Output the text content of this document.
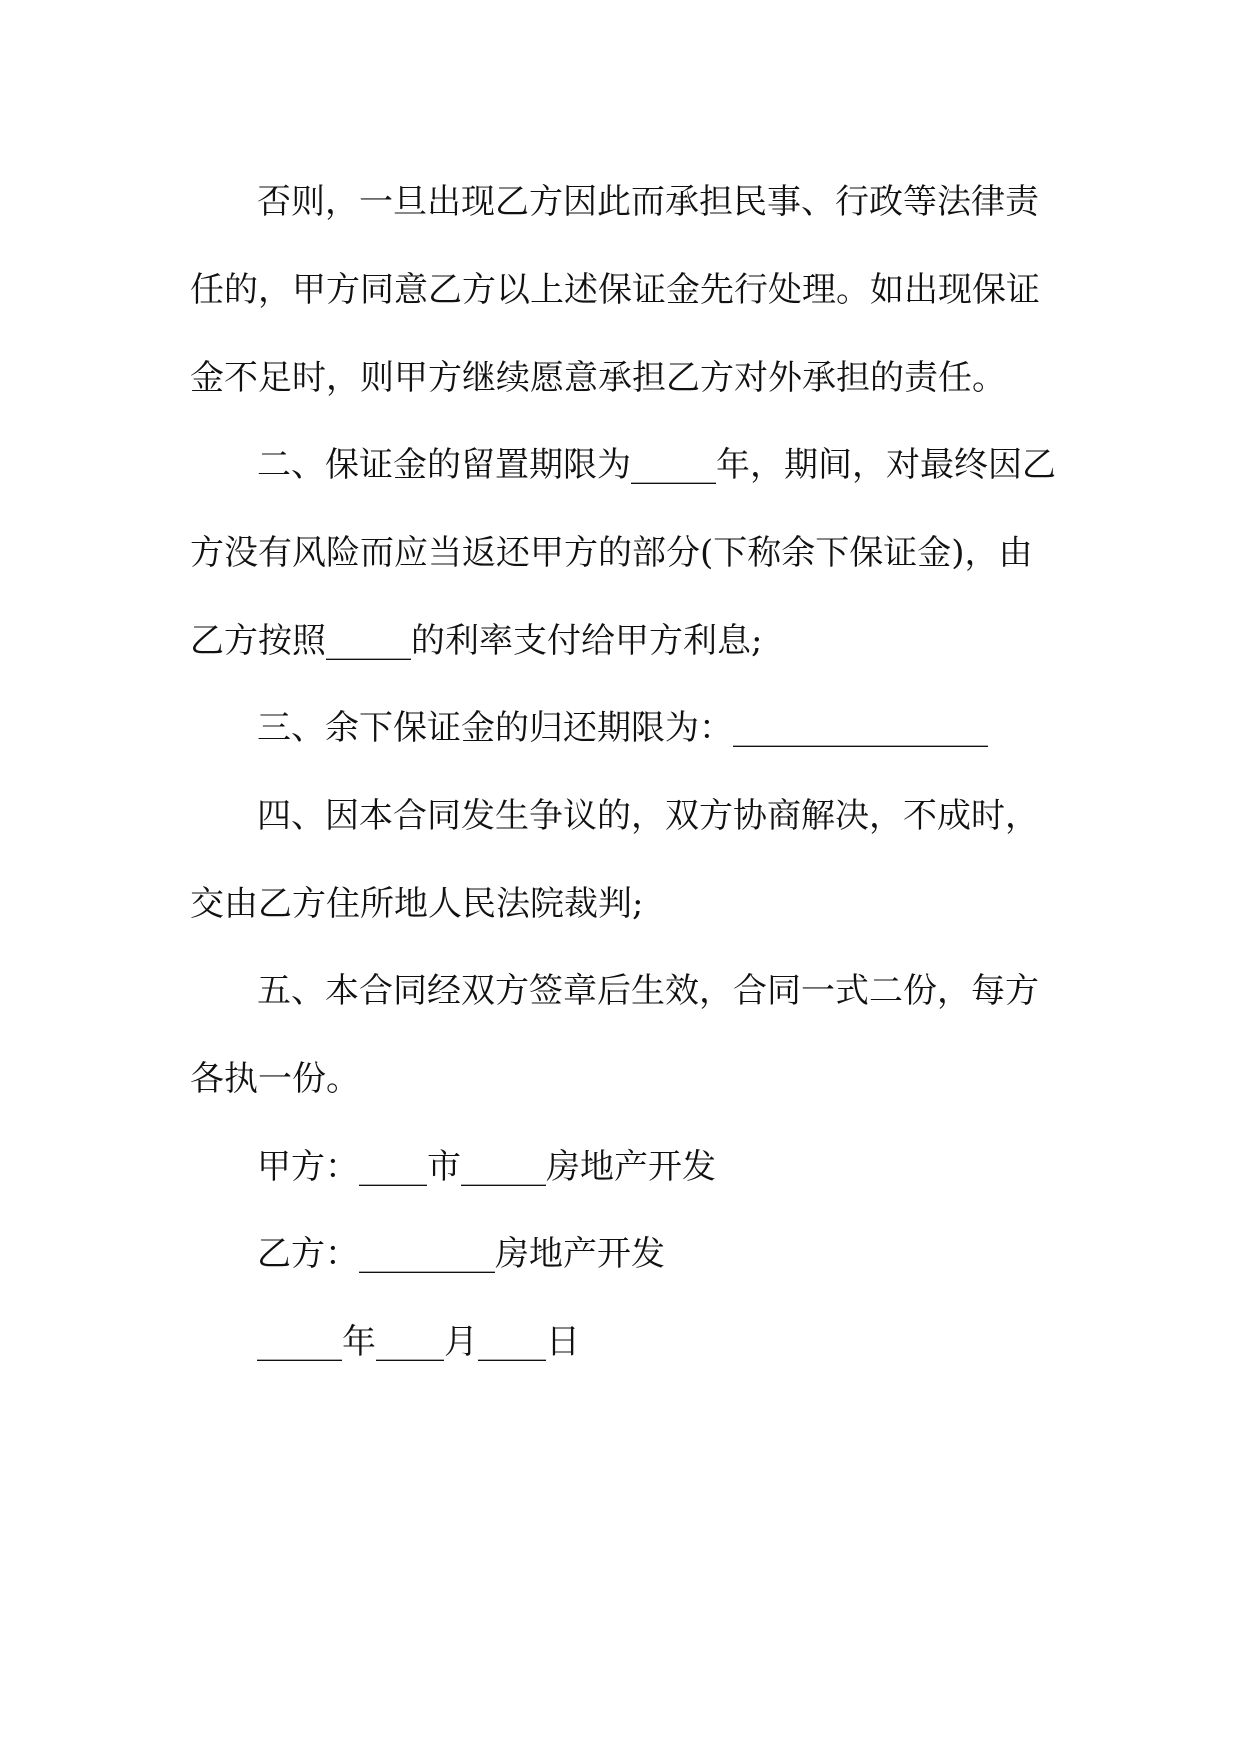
否则，一旦出现乙方因此而承担民事、行政等法律责
任的，甲方同意乙方以上述保证金先行处理。如出现保证
金不足时，则甲方继续愿意承担乙方对外承担的责任。
二、保证金的留置期限为_____年，期间，对最终因乙
方没有风险而应当返还甲方的部分(下称余下保证金)，由
乙方按照_____的利率支付给甲方利息;
三、余下保证金的归还期限为：_______________
四、因本合同发生争议的，双方协商解决，不成时，
交由乙方住所地人民法院裁判;
五、本合同经双方签章后生效，合同一式二份，每方
各执一份。
甲方：____市_____房地产开发
乙方：________房地产开发
_____年____月____日
